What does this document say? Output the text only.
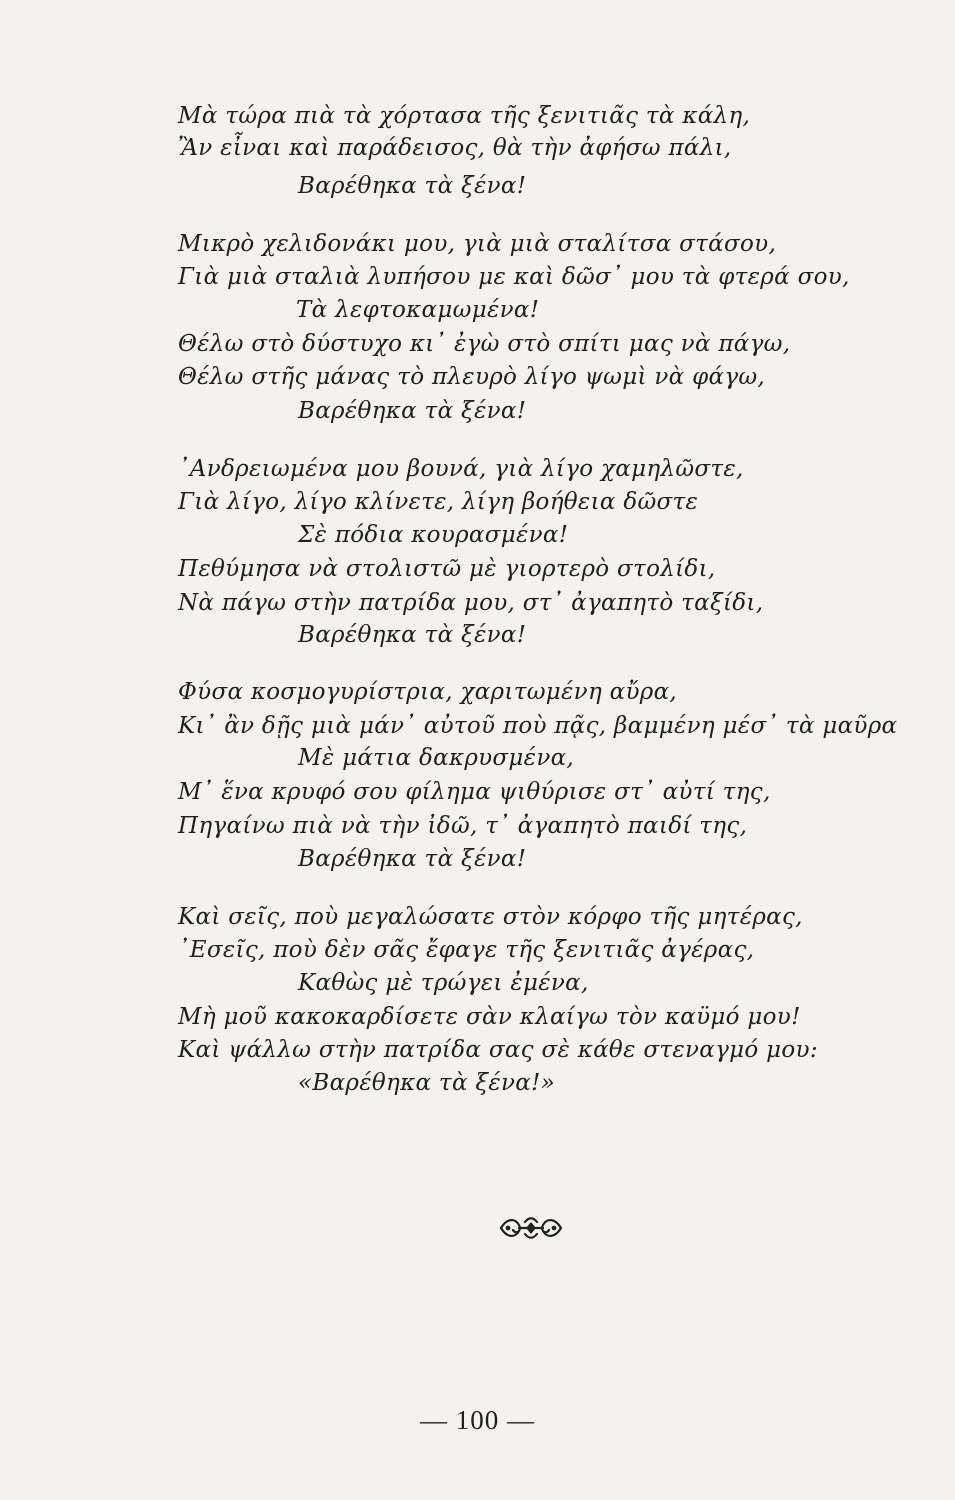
Μὰ τώρα πιὰ τὰ χόρτασα τῆς ξενιτιᾶς τὰ κάλη,
Ἂν εἶναι καὶ παράδεισος, θὰ τὴν ἀφήσω πάλι,
Βαρέθηκα τὰ ξένα!
Μικρὸ χελιδονάκι μου, γιὰ μιὰ σταλίτσα στάσου,
Γιὰ μιὰ σταλιὰ λυπήσου με καὶ δῶσ᾽ μου τὰ φτερά σου,
Τὰ λεφτοκαμωμένα!
Θέλω στὸ δύστυχο κι᾽ ἐγὼ στὸ σπίτι μας νὰ πάγω,
Θέλω στῆς μάνας τὸ πλευρὸ λίγο ψωμὶ νὰ φάγω,
Βαρέθηκα τὰ ξένα!
᾿Ανδρειωμένα μου βουνά, γιὰ λίγο χαμηλῶστε,
Γιὰ λίγο, λίγο κλίνετε, λίγη βοήθεια δῶστε
Σὲ πόδια κουρασμένα!
Πεθύμησα νὰ στολιστῶ μὲ γιορτερὸ στολίδι,
Νὰ πάγω στὴν πατρίδα μου, στ᾽ ἀγαπητὸ ταξίδι,
Βαρέθηκα τὰ ξένα!
Φύσα κοσμογυρίστρια, χαριτωμένη αὔρα,
Κι᾽ ἂν δῇς μιὰ μάν᾽ αὐτοῦ ποὺ πᾷς, βαμμένη μέσ᾽ τὰ μαῦρα
Μὲ μάτια δακρυσμένα,
Μ᾽ ἕνα κρυφό σου φίλημα ψιθύρισε στ᾽ αὐτί της,
Πηγαίνω πιὰ νὰ τὴν ἰδῶ, τ᾽ ἀγαπητὸ παιδί της,
Βαρέθηκα τὰ ξένα!
Καὶ σεῖς, ποὺ μεγαλώσατε στὸν κόρφο τῆς μητέρας,
᾿Εσεῖς, ποὺ δὲν σᾶς ἔφαγε τῆς ξενιτιᾶς ἀγέρας,
Καθὼς μὲ τρώγει ἐμένα,
Μὴ μοῦ κακοκαρδίσετε σὰν κλαίγω τὸν καϋμό μου!
Καὶ ψάλλω στὴν πατρίδα σας σὲ κάθε στεναγμό μου:
«Βαρέθηκα τὰ ξένα!»
— 100 —
